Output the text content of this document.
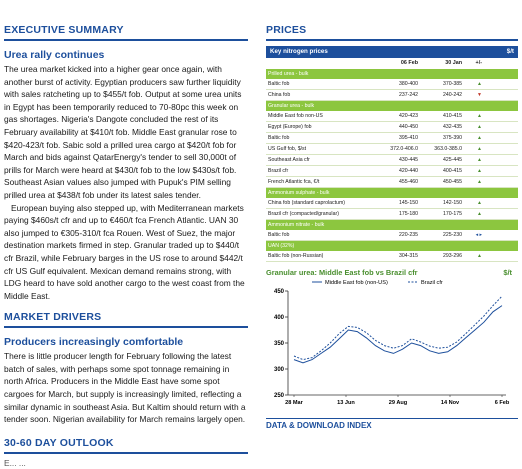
EXECUTIVE SUMMARY
Urea rally continues

The urea market kicked into a higher gear once again, with another burst of activity. Egyptian producers saw further liquidity with sales ratcheting up to $455/t fob. Output at some urea units in Egypt has been temporarily reduced to 70-80pc this week on gas shortages. Nigeria's Dangote concluded the rest of its February availability at $410/t fob. Middle East granular rose to $420-423/t fob. Sabic sold a prilled urea cargo at $420/t fob for March and bids against QatarEnergy's tender to sell 30,000t of prills for March were heard at $430/t fob to the low $430s/t fob. Southeast Asian values also jumped with Pupuk's PIM selling prilled urea at $438/t fob under its latest sales tender.

European buying also stepped up, with Mediterranean markets paying $460s/t cfr and up to €460/t fca French Atlantic. UAN 30 also jumped to €305-310/t fca Rouen. West of Suez, the major destination markets firmed in step. Granular traded up to $440/t cfr Brazil, while February barges in the US rose to around $442/t cfr US Gulf equivalent. Mexican demand remains strong, with LDG heard to have sold another cargo to the west coast from the Middle East.

MARKET DRIVERS
Producers increasingly comfortable

There is little producer length for February following the latest batch of sales, with perhaps some spot tonnage remaining in north Africa. Producers in the Middle East have some spot cargoes for March, but supply is increasingly limited, reflecting a similar dynamic in southeast Asia. But Kaltim should return with a tender soon. Nigerian availability for March remains largely open.

30-60 DAY OUTLOOK
E... ...
PRICES
Key nitrogen prices	$/t
06 Feb	30 Jan	+/-
Prilled urea - bulk
Baltic fob	380-400	370-385	▲
China fob	237-242	240-242	▼
Granular urea - bulk
Middle East fob non-US	420-423	410-415	▲
Egypt (Europe) fob	440-450	432-435	▲
Baltic fob	395-410	375-390	▲
US Gulf fob, $/st	372.0-406.0	363.0-385.0	▲
Southeast Asia cfr	430-445	425-445	▲
Brazil cfr	420-440	400-415	▲
French Atlantic fca, €/t	455-460	450-455	▲
Ammonium sulphate - bulk
China fob (standard caprolactum)	145-150	142-150	▲
Brazil cfr (compacted/granular)	175-180	170-175	▲
Ammonium nitrate - bulk
Baltic fob	220-235	225-230	◂ ▸
UAN (32%)
Baltic fob (non-Russian)	304-315	293-296	▲
Granular urea: Middle East fob vs Brazil cfr	$/t
250
300
350
400
450
28 Mar	13 Jun	29 Aug	14 Nov	6 Feb
Middle East fob (non-US)	Brazil cfr
DATA & DOWNLOAD INDEX
